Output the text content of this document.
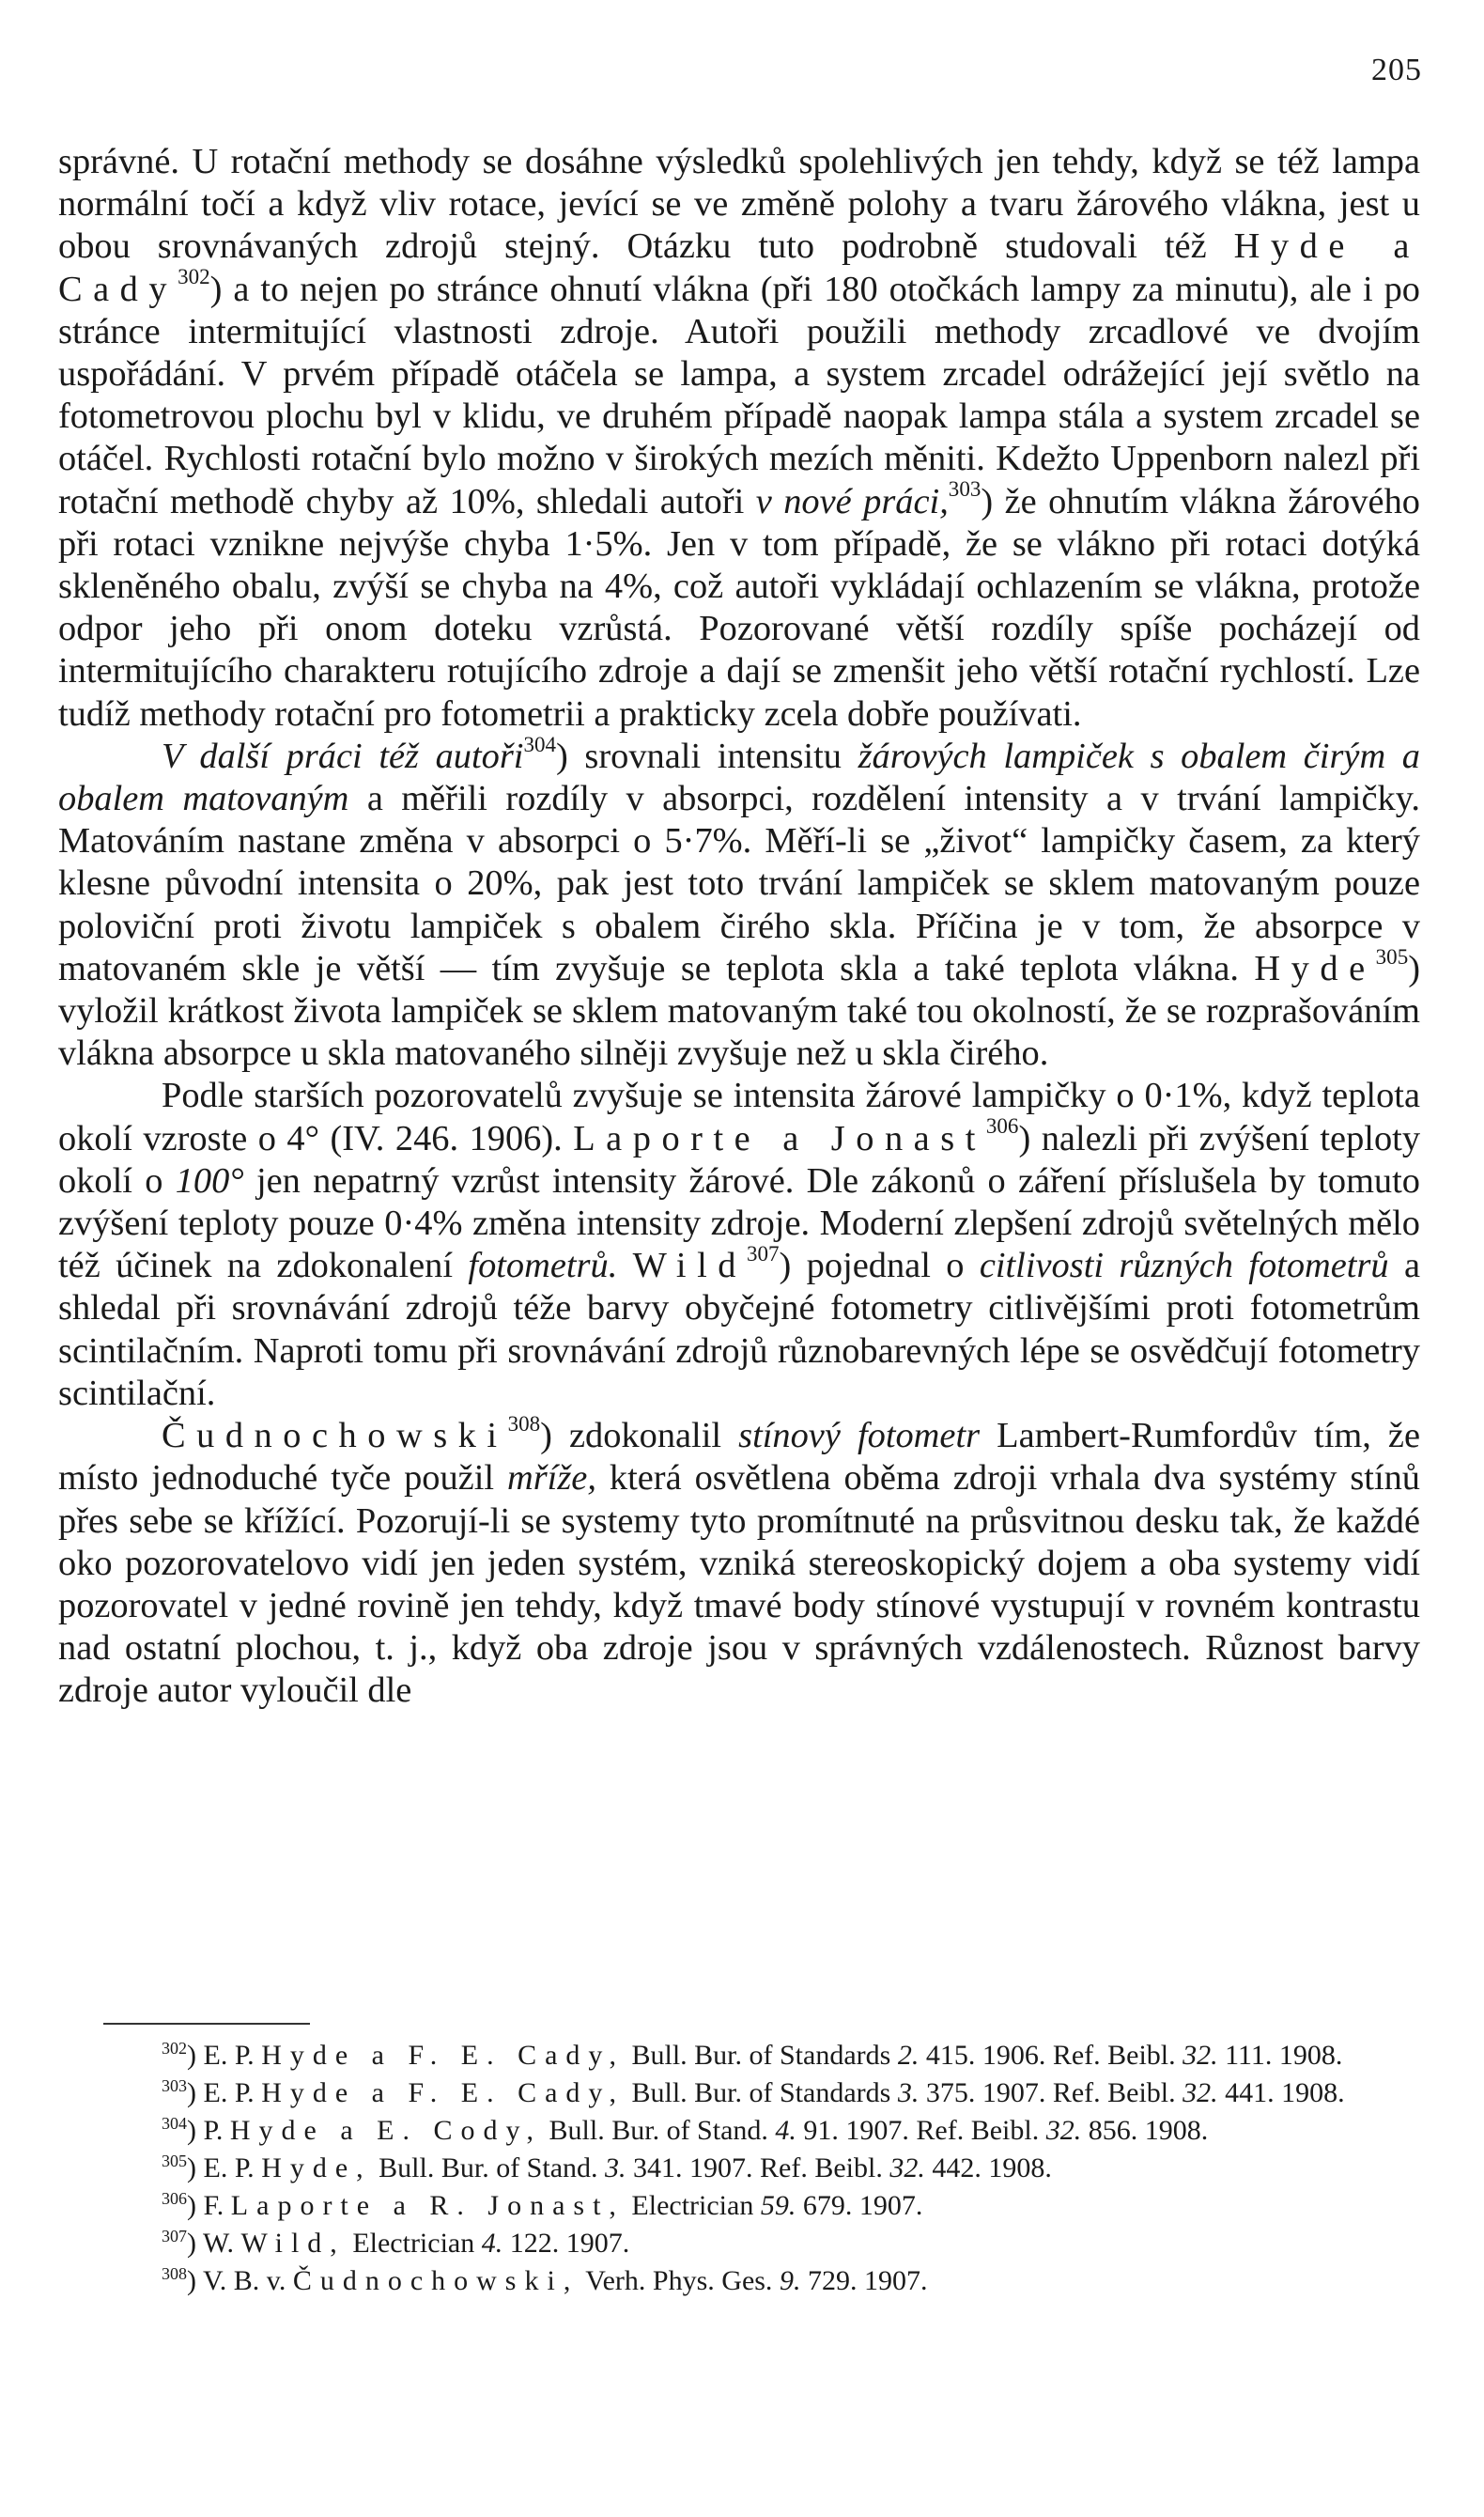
205

správné. U rotační methody se dosáhne výsledků spolehlivých jen tehdy, když se též lampa normální točí a když vliv rotace, jevící se ve změně polohy a tvaru žárového vlákna, jest u obou srovnávaných zdrojů stejný. Otázku tuto podrobně studovali též Hyde a Cady$^{302}$) a to nejen po stránce ohnutí vlákna (při 180 otočkách lampy za minutu), ale i po stránce intermitující vlastnosti zdroje. Autoři použili methody zrcadlové ve dvojím uspořádání. V prvém případě otáčela se lampa, a system zrcadel odrážející její světlo na fotometrovou plochu byl v klidu, ve druhém případě naopak lampa stála a system zrcadel se otáčel. Rychlosti rotační bylo možno v širokých mezích měniti. Kdežto Uppenborn nalezl při rotační methodě chyby až 10%, shledali autoři v nové práci,$^{303}$) že ohnutím vlákna žárového při rotaci vznikne nejvýše chyba 1·5%. Jen v tom případě, že se vlákno při rotaci dotýká skleněného obalu, zvýší se chyba na 4%, což autoři vykládají ochlazením se vlákna, protože odpor jeho při onom doteku vzrůstá. Pozorované větší rozdíly spíše pocházejí od intermitujícího charakteru rotujícího zdroje a dají se zmenšit jeho větší rotační rychlostí. Lze tudíž methody rotační pro fotometrii a prakticky zcela dobře používati.

V další práci též autoři$^{304}$) srovnali intensitu žárových lampiček s obalem čirým a obalem matovaným a měřili rozdíly v absorpci, rozdělení intensity a v trvání lampičky. Matováním nastane změna v absorpci o 5·7%. Měří-li se „život“ lampičky časem, za který klesne původní intensita o 20%, pak jest toto trvání lampiček se sklem matovaným pouze poloviční proti životu lampiček s obalem čirého skla. Příčina je v tom, že absorpce v matovaném skle je větší — tím zvyšuje se teplota skla a také teplota vlákna. Hyde$^{305}$) vyložil krátkost života lampiček se sklem matovaným také tou okolností, že se rozprašováním vlákna absorpce u skla matovaného silněji zvyšuje než u skla čirého.

Podle starších pozorovatelů zvyšuje se intensita žárové lampičky o 0·1%, když teplota okolí vzroste o 4° (IV. 246. 1906). Laporte a Jonast$^{306}$) nalezli při zvýšení teploty okolí o 100° jen nepatrný vzrůst intensity žárové. Dle zákonů o záření příslušela by tomuto zvýšení teploty pouze 0·4% změna intensity zdroje. Moderní zlepšení zdrojů světelných mělo též účinek na zdokonalení fotometrů. Wild$^{307}$) pojednal o citlivosti různých fotometrů a shledal při srovnávání zdrojů téže barvy obyčejné fotometry citlivějšími proti fotometrům scintilačním. Naproti tomu při srovnávání zdrojů různobarevných lépe se osvědčují fotometry scintilační.

Čudnochowski$^{308}$) zdokonalil stínový fotometr Lambert-Rumfordův tím, že místo jednoduché tyče použil mříže, která osvětlena oběma zdroji vrhala dva systémy stínů přes sebe se křížící. Pozorují-li se systemy tyto promítnuté na průsvitnou desku tak, že každé oko pozorovatelovo vidí jen jeden systém, vzniká stereoskopický dojem a oba systemy vidí pozorovatel v jedné rovině jen tehdy, když tmavé body stínové vystupují v rovném kontrastu nad ostatní plochou, t. j., když oba zdroje jsou v správných vzdálenostech. Různost barvy zdroje autor vyloučil dle

$^{302}$) E. P. Hyde a F. E. Cady, Bull. Bur. of Standards 2. 415. 1906. Ref. Beibl. 32. 111. 1908.

$^{303}$) E. P. Hyde a F. E. Cady, Bull. Bur. of Standards 3. 375. 1907. Ref. Beibl. 32. 441. 1908.

$^{304}$) P. Hyde a E. Cody, Bull. Bur. of Stand. 4. 91. 1907. Ref. Beibl. 32. 856. 1908.

$^{305}$) E. P. Hyde, Bull. Bur. of Stand. 3. 341. 1907. Ref. Beibl. 32. 442. 1908.

$^{306}$) F. Laporte a R. Jonast, Electrician 59. 679. 1907.

$^{307}$) W. Wild, Electrician 4. 122. 1907.

$^{308}$) V. B. v. Čudnochowski, Verh. Phys. Ges. 9. 729. 1907.
